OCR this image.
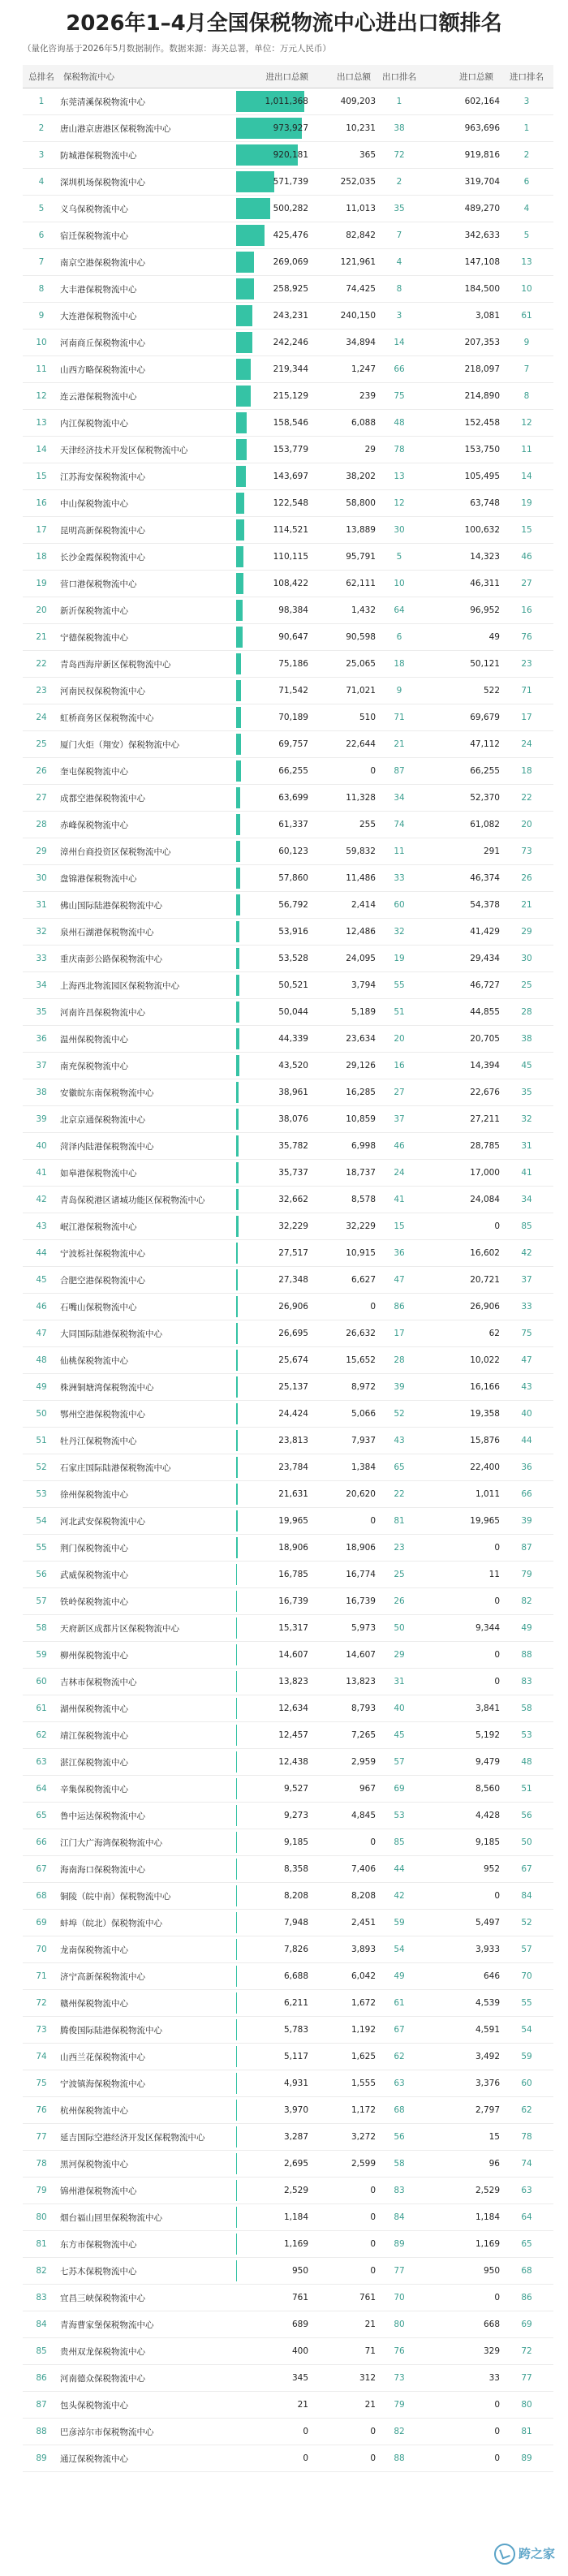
2026年1–4月全国保税物流中心进出口额排名
（量化咨询基于2026年5月数据制作。数据来源：海关总署，单位：万元人民币）
总排名	保税物流中心	进出口总额	出口总额	出口排名	进口总额	进口排名
1	东莞清溪保税物流中心	1,011,368	409,203	1	602,164	3
2	唐山港京唐港区保税物流中心	973,927	10,231	38	963,696	1
3	防城港保税物流中心	920,181	365	72	919,816	2
4	深圳机场保税物流中心	571,739	252,035	2	319,704	6
5	义乌保税物流中心	500,282	11,013	35	489,270	4
6	宿迁保税物流中心	425,476	82,842	7	342,633	5
7	南京空港保税物流中心	269,069	121,961	4	147,108	13
8	大丰港保税物流中心	258,925	74,425	8	184,500	10
9	大连港保税物流中心	243,231	240,150	3	3,081	61
10	河南商丘保税物流中心	242,246	34,894	14	207,353	9
11	山西方略保税物流中心	219,344	1,247	66	218,097	7
12	连云港保税物流中心	215,129	239	75	214,890	8
13	内江保税物流中心	158,546	6,088	48	152,458	12
14	天津经济技术开发区保税物流中心	153,779	29	78	153,750	11
15	江苏海安保税物流中心	143,697	38,202	13	105,495	14
16	中山保税物流中心	122,548	58,800	12	63,748	19
17	昆明高新保税物流中心	114,521	13,889	30	100,632	15
18	长沙金霞保税物流中心	110,115	95,791	5	14,323	46
19	营口港保税物流中心	108,422	62,111	10	46,311	27
20	新沂保税物流中心	98,384	1,432	64	96,952	16
21	宁德保税物流中心	90,647	90,598	6	49	76
22	青岛西海岸新区保税物流中心	75,186	25,065	18	50,121	23
23	河南民权保税物流中心	71,542	71,021	9	522	71
24	虹桥商务区保税物流中心	70,189	510	71	69,679	17
25	厦门火炬（翔安）保税物流中心	69,757	22,644	21	47,112	24
26	奎屯保税物流中心	66,255	0	87	66,255	18
27	成都空港保税物流中心	63,699	11,328	34	52,370	22
28	赤峰保税物流中心	61,337	255	74	61,082	20
29	漳州台商投资区保税物流中心	60,123	59,832	11	291	73
30	盘锦港保税物流中心	57,860	11,486	33	46,374	26
31	佛山国际陆港保税物流中心	56,792	2,414	60	54,378	21
32	泉州石湖港保税物流中心	53,916	12,486	32	41,429	29
33	重庆南彭公路保税物流中心	53,528	24,095	19	29,434	30
34	上海西北物流园区保税物流中心	50,521	3,794	55	46,727	25
35	河南许昌保税物流中心	50,044	5,189	51	44,855	28
36	温州保税物流中心	44,339	23,634	20	20,705	38
37	南充保税物流中心	43,520	29,126	16	14,394	45
38	安徽皖东南保税物流中心	38,961	16,285	27	22,676	35
39	北京京通保税物流中心	38,076	10,859	37	27,211	32
40	菏泽内陆港保税物流中心	35,782	6,998	46	28,785	31
41	如皋港保税物流中心	35,737	18,737	24	17,000	41
42	青岛保税港区诸城功能区保税物流中心	32,662	8,578	41	24,084	34
43	岷江港保税物流中心	32,229	32,229	15	0	85
44	宁波栎社保税物流中心	27,517	10,915	36	16,602	42
45	合肥空港保税物流中心	27,348	6,627	47	20,721	37
46	石嘴山保税物流中心	26,906	0	86	26,906	33
47	大同国际陆港保税物流中心	26,695	26,632	17	62	75
48	仙桃保税物流中心	25,674	15,652	28	10,022	47
49	株洲铜塘湾保税物流中心	25,137	8,972	39	16,166	43
50	鄂州空港保税物流中心	24,424	5,066	52	19,358	40
51	牡丹江保税物流中心	23,813	7,937	43	15,876	44
52	石家庄国际陆港保税物流中心	23,784	1,384	65	22,400	36
53	徐州保税物流中心	21,631	20,620	22	1,011	66
54	河北武安保税物流中心	19,965	0	81	19,965	39
55	荆门保税物流中心	18,906	18,906	23	0	87
56	武威保税物流中心	16,785	16,774	25	11	79
57	铁岭保税物流中心	16,739	16,739	26	0	82
58	天府新区成都片区保税物流中心	15,317	5,973	50	9,344	49
59	柳州保税物流中心	14,607	14,607	29	0	88
60	吉林市保税物流中心	13,823	13,823	31	0	83
61	湖州保税物流中心	12,634	8,793	40	3,841	58
62	靖江保税物流中心	12,457	7,265	45	5,192	53
63	湛江保税物流中心	12,438	2,959	57	9,479	48
64	辛集保税物流中心	9,527	967	69	8,560	51
65	鲁中运达保税物流中心	9,273	4,845	53	4,428	56
66	江门大广海湾保税物流中心	9,185	0	85	9,185	50
67	海南海口保税物流中心	8,358	7,406	44	952	67
68	铜陵（皖中南）保税物流中心	8,208	8,208	42	0	84
69	蚌埠（皖北）保税物流中心	7,948	2,451	59	5,497	52
70	龙南保税物流中心	7,826	3,893	54	3,933	57
71	济宁高新保税物流中心	6,688	6,042	49	646	70
72	赣州保税物流中心	6,211	1,672	61	4,539	55
73	腾俊国际陆港保税物流中心	5,783	1,192	67	4,591	54
74	山西兰花保税物流中心	5,117	1,625	62	3,492	59
75	宁波镇海保税物流中心	4,931	1,555	63	3,376	60
76	杭州保税物流中心	3,970	1,172	68	2,797	62
77	延吉国际空港经济开发区保税物流中心	3,287	3,272	56	15	78
78	黑河保税物流中心	2,695	2,599	58	96	74
79	锦州港保税物流中心	2,529	0	83	2,529	63
80	烟台福山回里保税物流中心	1,184	0	84	1,184	64
81	东方市保税物流中心	1,169	0	89	1,169	65
82	七苏木保税物流中心	950	0	77	950	68
83	宜昌三峡保税物流中心	761	761	70	0	86
84	青海曹家堡保税物流中心	689	21	80	668	69
85	贵州双龙保税物流中心	400	71	76	329	72
86	河南德众保税物流中心	345	312	73	33	77
87	包头保税物流中心	21	21	79	0	80
88	巴彦淖尔市保税物流中心	0	0	82	0	81
89	通辽保税物流中心	0	0	88	0	89
跨之家
